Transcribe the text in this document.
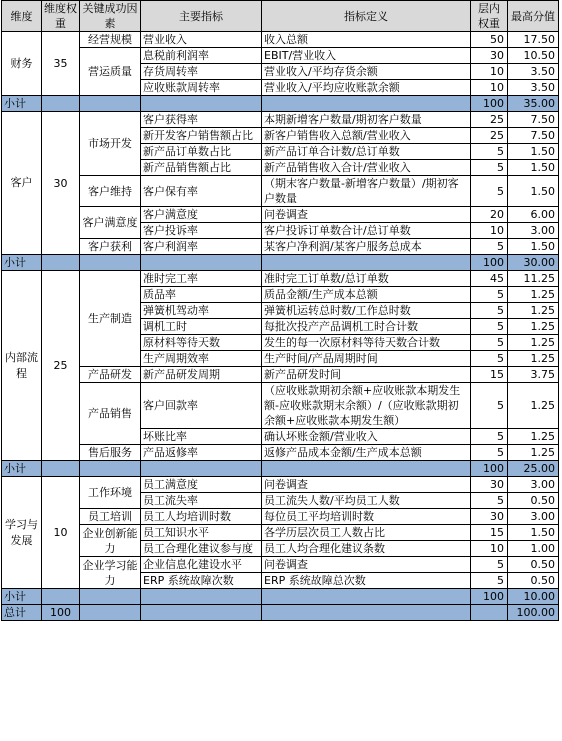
维度	维度权重	关键成功因素	主要指标	指标定义	层内权重	最高分值
财务	35	经营规模	营业收入	收入总额	50	17.50
		营运质量	息税前利润率	EBIT/营业收入	30	10.50
			存货周转率	营业收入/平均存货余额	10	3.50
			应收账款周转率	营业收入/平均应收账款余额	10	3.50
小计					100	35.00
客户	30	市场开发	客户获得率	本期新增客户数量/期初客户数量	25	7.50
			新开发客户销售额占比	新客户销售收入总额/营业收入	25	7.50
			新产品订单数占比	新产品订单合计数/总订单数	5	1.50
			新产品销售额占比	新产品销售收入合计/营业收入	5	1.50
		客户维持	客户保有率	（期末客户数量-新增客户数量）/期初客户数量	5	1.50
		客户满意度	客户满意度	问卷调查	20	6.00
			客户投诉率	客户投诉订单数合计/总订单数	10	3.00
		客户获利	客户利润率	某客户净利润/某客户服务总成本	5	1.50
小计					100	30.00
内部流程	25	生产制造	准时完工率	准时完工订单数/总订单数	45	11.25
			质品率	质品金额/生产成本总额	5	1.25
			弹簧机驾动率	弹簧机运转总时数/工作总时数	5	1.25
			调机工时	每批次投产产品调机工时合计数	5	1.25
			原材料等待天数	发生的每一次原材料等待天数合计数	5	1.25
			生产周期效率	生产时间/产品周期时间	5	1.25
		产品研发	新产品研发周期	新产品研发时间	15	3.75
		产品销售	客户回款率	（应收账款期初余额+应收账款本期发生额-应收账款期末余额）/（应收账款期初余额+应收账款本期发生额）	5	1.25
			坏账比率	确认坏账金额/营业收入	5	1.25
		售后服务	产品返修率	返修产品成本金额/生产成本总额	5	1.25
小计					100	25.00
学习与发展	10	工作环境	员工满意度	问卷调查	30	3.00
			员工流失率	员工流失人数/平均员工人数	5	0.50
		员工培训	员工人均培训时数	每位员工平均培训时数	30	3.00
		企业创新能力	员工知识水平	各学历层次员工人数占比	15	1.50
			员工合理化建议参与度	员工人均合理化建议条数	10	1.00
		企业学习能力	企业信息化建设水平	问卷调查	5	0.50
			ERP 系统故障次数	ERP 系统故障总次数	5	0.50
小计					100	10.00
总计	100					100.00
